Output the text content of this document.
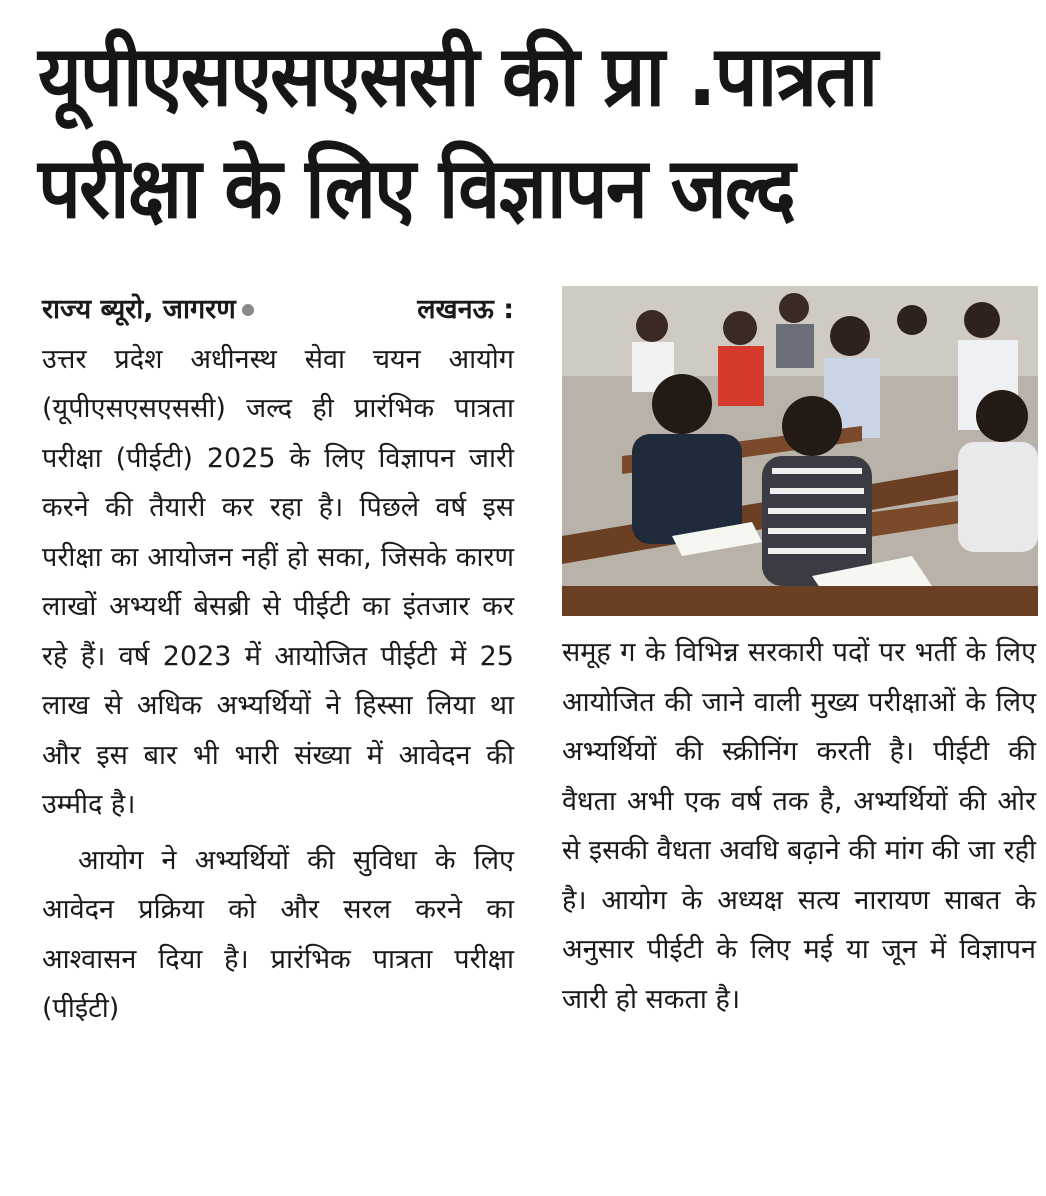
यूपीएसएसएससी की प्रा .पात्रता
परीक्षा के लिए विज्ञापन जल्द
राज्य ब्यूरो, जागरण	लखनऊ :

उत्तर प्रदेश अधीनस्थ सेवा चयन आयोग (यूपीएसएसएससी) जल्द ही प्रारंभिक पात्रता परीक्षा (पीईटी) 2025 के लिए विज्ञापन जारी करने की तैयारी कर रहा है। पिछले वर्ष इस परीक्षा का आयोजन नहीं हो सका, जिसके कारण लाखों अभ्यर्थी बेसब्री से पीईटी का इंतजार कर रहे हैं। वर्ष 2023 में आयोजित पीईटी में 25 लाख से अधिक अभ्यर्थियों ने हिस्सा लिया था और इस बार भी भारी संख्या में आवेदन की उम्मीद है।

आयोग ने अभ्यर्थियों की सुविधा के लिए आवेदन प्रक्रिया को और सरल करने का आश्वासन दिया है। प्रारंभिक पात्रता परीक्षा (पीईटी)

समूह ग के विभिन्न सरकारी पदों पर भर्ती के लिए आयोजित की जाने वाली मुख्य परीक्षाओं के लिए अभ्यर्थियों की स्क्रीनिंग करती है। पीईटी की वैधता अभी एक वर्ष तक है, अभ्यर्थियों की ओर से इसकी वैधता अवधि बढ़ाने की मांग की जा रही है। आयोग के अध्यक्ष सत्य नारायण साबत के अनुसार पीईटी के लिए मई या जून में विज्ञापन जारी हो सकता है।
